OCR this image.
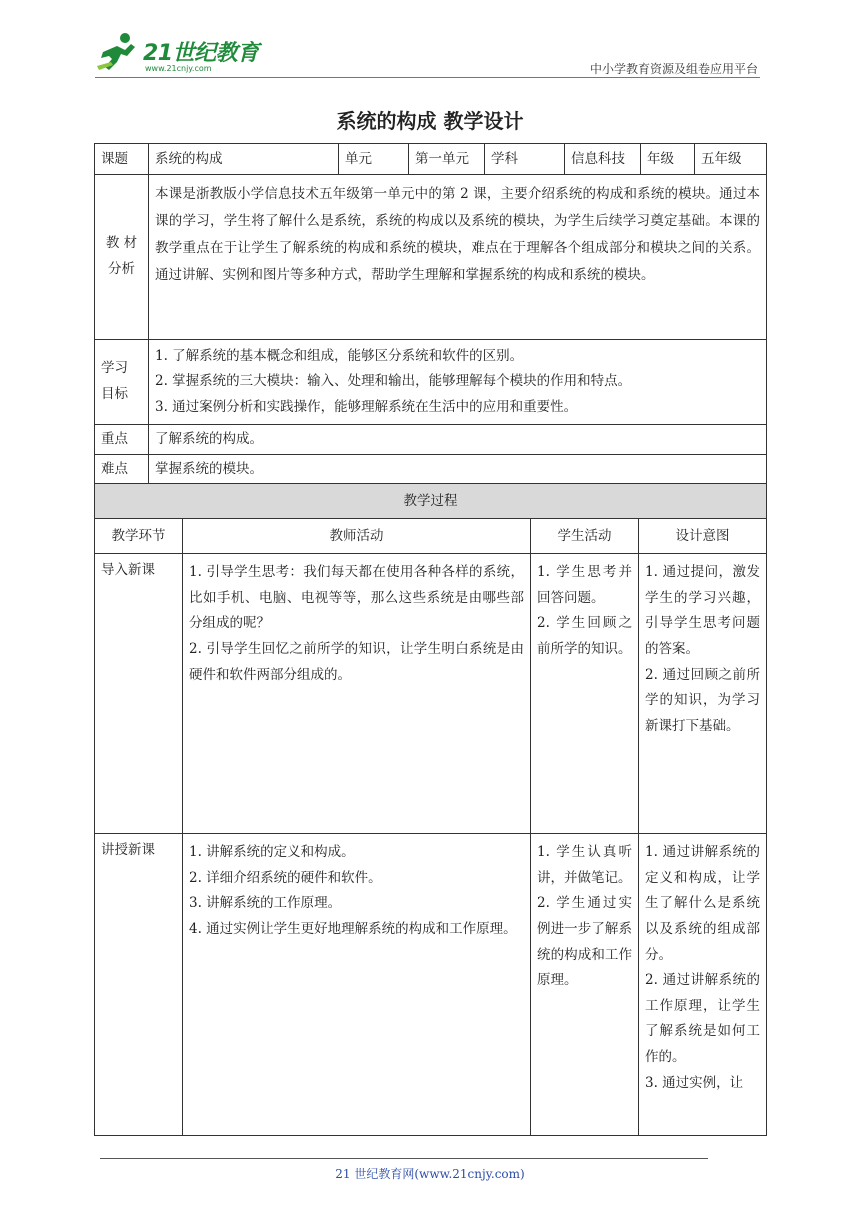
21世纪教育
www.21cnjy.com	中小学教育资源及组卷应用平台
系统的构成 教学设计
课题	系统的构成	单元	第一单元	学科	信息科技	年级	五年级

教 材
分析	本课是浙教版小学信息技术五年级第一单元中的第 2 课，主要介绍系统的构成和系统的模块。通过本课的学习，学生将了解什么是系统，系统的构成以及系统的模块，为学生后续学习奠定基础。本课的教学重点在于让学生了解系统的构成和系统的模块，难点在于理解各个组成部分和模块之间的关系。通过讲解、实例和图片等多种方式，帮助学生理解和掌握系统的构成和系统的模块。						

学习
目标	1. 了解系统的基本概念和组成，能够区分系统和软件的区别。
2. 掌握系统的三大模块：输入、处理和输出，能够理解每个模块的作用和特点。
3. 通过案例分析和实践操作，能够理解系统在生活中的应用和重要性。						

重点	了解系统的构成。						
难点	掌握系统的模块。						
教学过程			
教学环节	教师活动	学生活动	设计意图
导入新课	1. 引导学生思考：我们每天都在使用各种各样的系统，比如手机、电脑、电视等等，那么这些系统是由哪些部分组成的呢？
2. 引导学生回忆之前所学的知识，让学生明白系统是由硬件和软件两部分组成的。	1. 学生思考并回答问题。
2. 学生回顾之前所学的知识。	1. 通过提问，激发学生的学习兴趣，引导学生思考问题的答案。
2. 通过回顾之前所学的知识，为学习新课打下基础。

讲授新课	1. 讲解系统的定义和构成。
2. 详细介绍系统的硬件和软件。
3. 讲解系统的工作原理。
4. 通过实例让学生更好地理解系统的构成和工作原理。	1. 学生认真听讲，并做笔记。
2. 学生通过实例进一步了解系统的构成和工作原理。	1. 通过讲解系统的定义和构成，让学生了解什么是系统以及系统的组成部分。
2. 通过讲解系统的工作原理，让学生了解系统是如何工作的。
3. 通过实例，让
21 世纪教育网(www.21cnjy.com)
